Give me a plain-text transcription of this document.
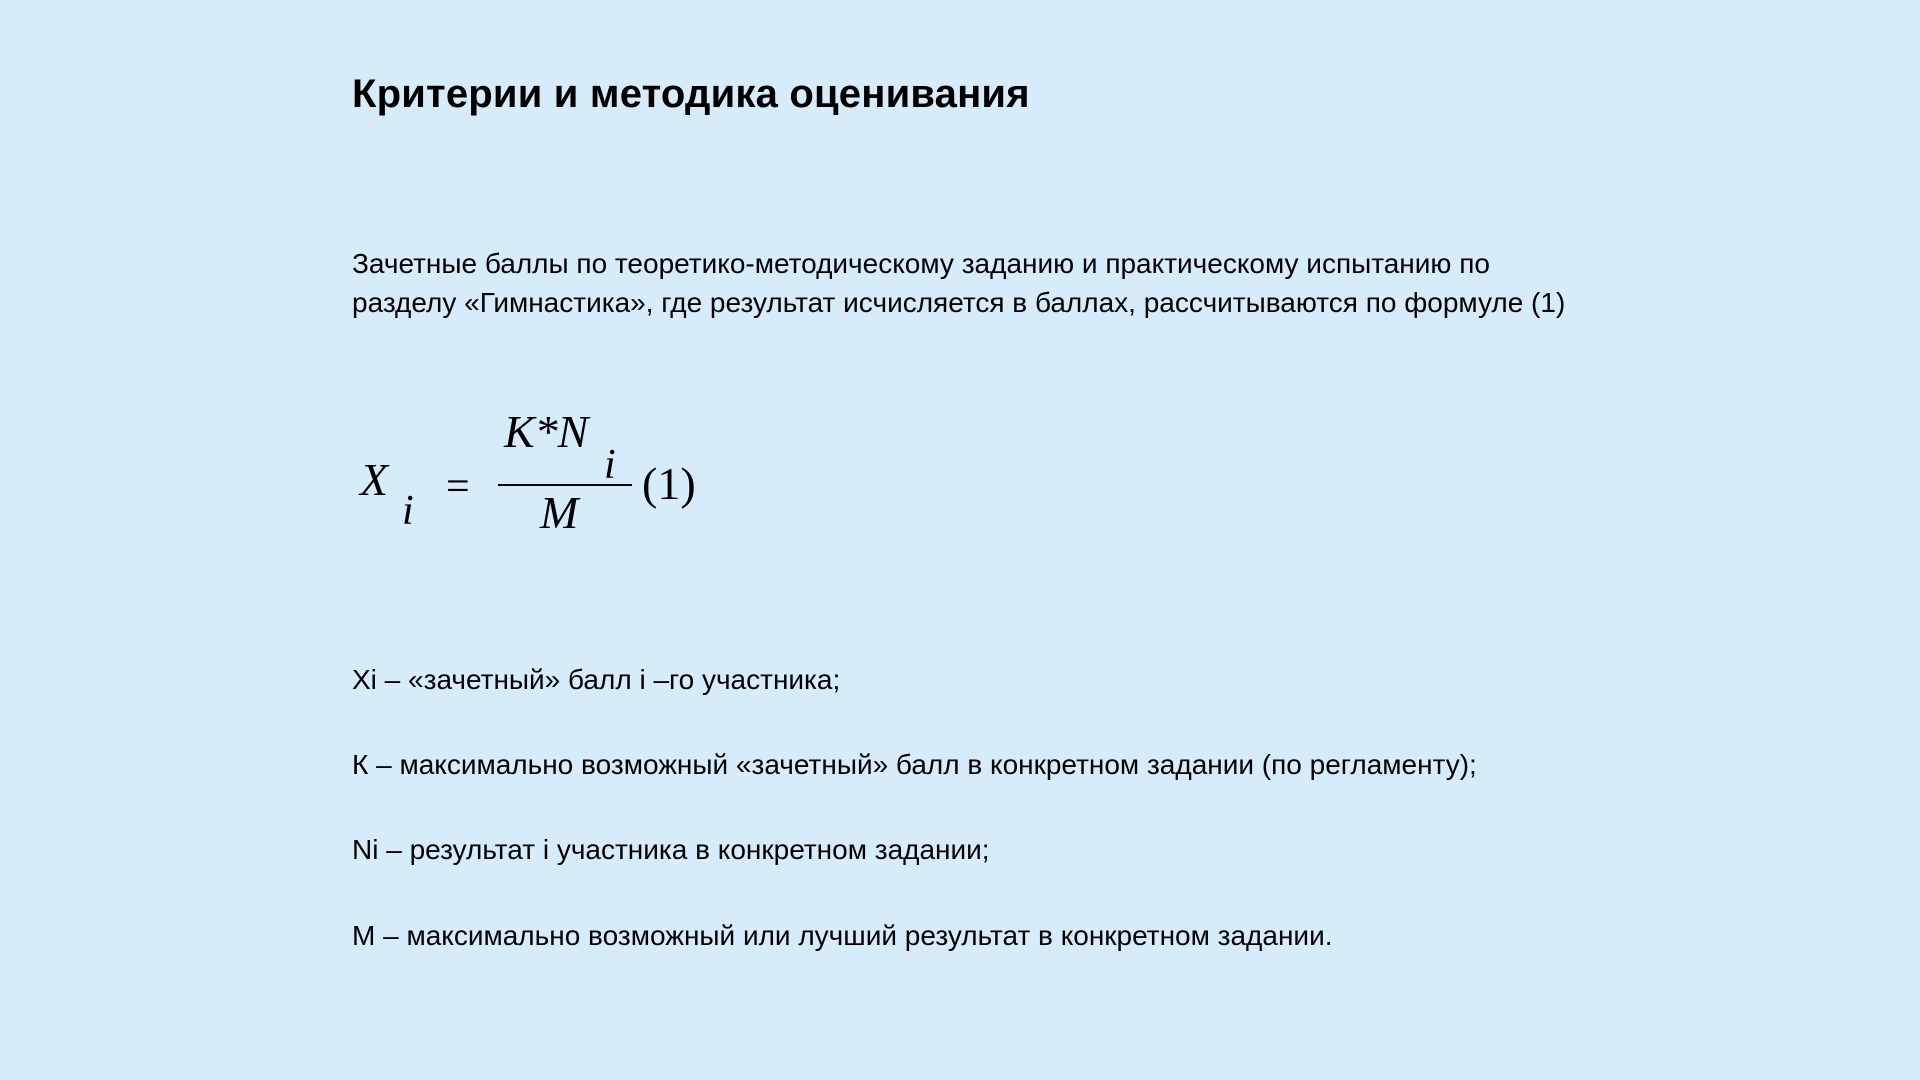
Критерии и методика оценивания
Зачетные баллы по теоретико-методическому заданию и практическому испытанию по разделу «Гимнастика», где результат исчисляется в баллах, рассчитываются по формуле (1)
X
i
=
K*N
i
M
(1)
Xi – «зачетный» балл i –го участника;
К – максимально возможный «зачетный» балл в конкретном задании (по регламенту);
Ni – результат i участника в конкретном задании;
М – максимально возможный или лучший результат в конкретном задании.
